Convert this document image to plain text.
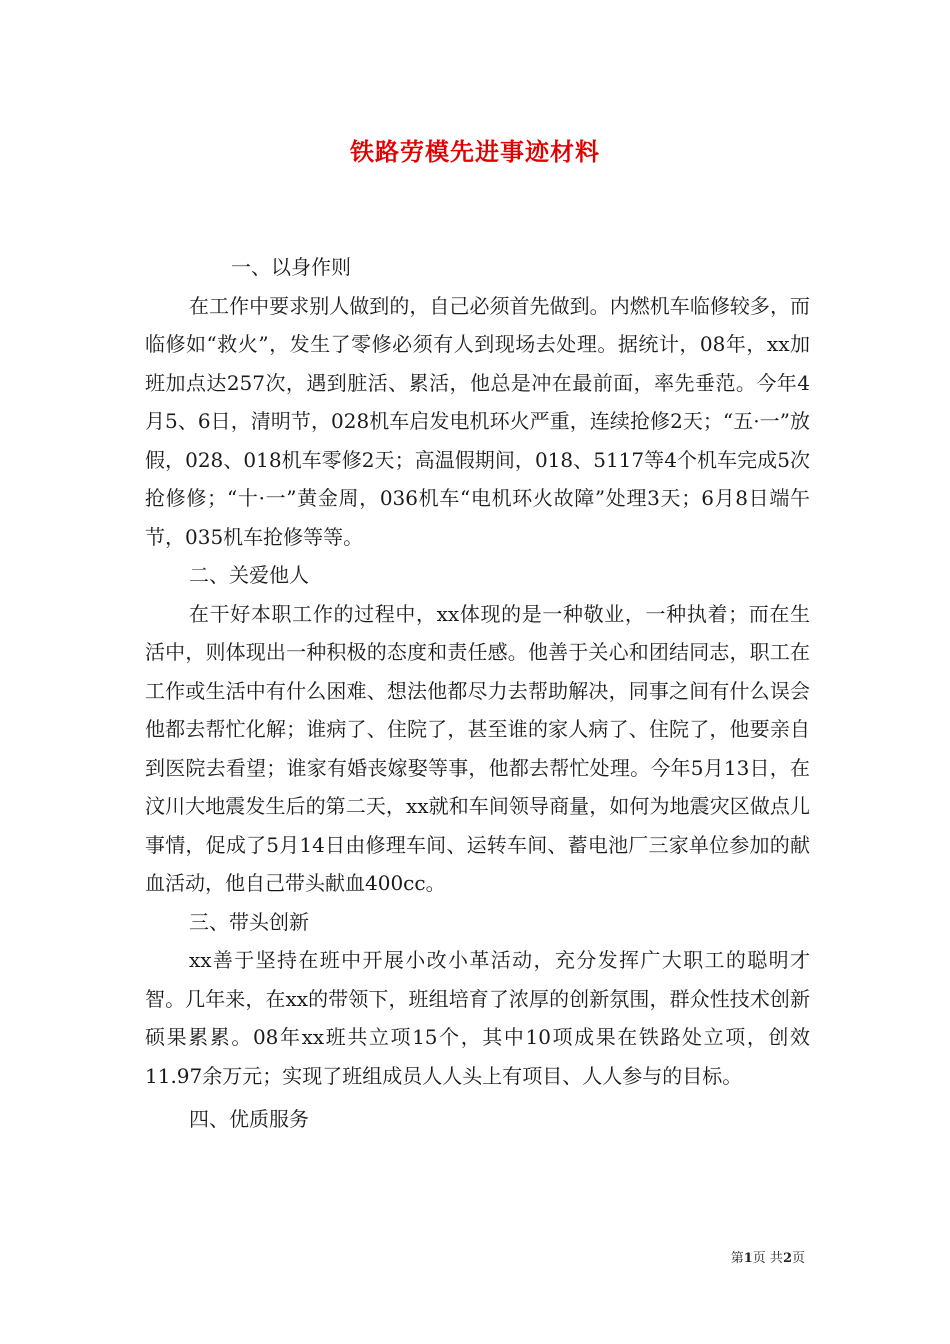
铁路劳模先进事迹材料

一、以身作则

在工作中要求别人做到的，自己必须首先做到。内燃机车临修较多，而临修如“救火”，发生了零修必须有人到现场去处理。据统计，08年，xx加班加点达257次，遇到脏活、累活，他总是冲在最前面，率先垂范。今年4月5、6日，清明节，028机车启发电机环火严重，连续抢修2天；“五·一”放假，028、018机车零修2天；高温假期间，018、5117等4个机车完成5次抢修修；“十·一”黄金周，036机车“电机环火故障”处理3天；6月8日端午节，035机车抢修等等。

二、关爱他人

在干好本职工作的过程中，xx体现的是一种敬业，一种执着；而在生活中，则体现出一种积极的态度和责任感。他善于关心和团结同志，职工在工作或生活中有什么困难、想法他都尽力去帮助解决，同事之间有什么误会他都去帮忙化解；谁病了、住院了，甚至谁的家人病了、住院了，他要亲自到医院去看望；谁家有婚丧嫁娶等事，他都去帮忙处理。今年5月13日，在汶川大地震发生后的第二天，xx就和车间领导商量，如何为地震灾区做点儿事情，促成了5月14日由修理车间、运转车间、蓄电池厂三家单位参加的献血活动，他自己带头献血400cc。

三、带头创新

xx善于坚持在班中开展小改小革活动，充分发挥广大职工的聪明才智。几年来，在xx的带领下，班组培育了浓厚的创新氛围，群众性技术创新硕果累累。08年xx班共立项15个，其中10项成果在铁路处立项，创效11.97余万元；实现了班组成员人人头上有项目、人人参与的目标。

四、优质服务

第1页 共2页
